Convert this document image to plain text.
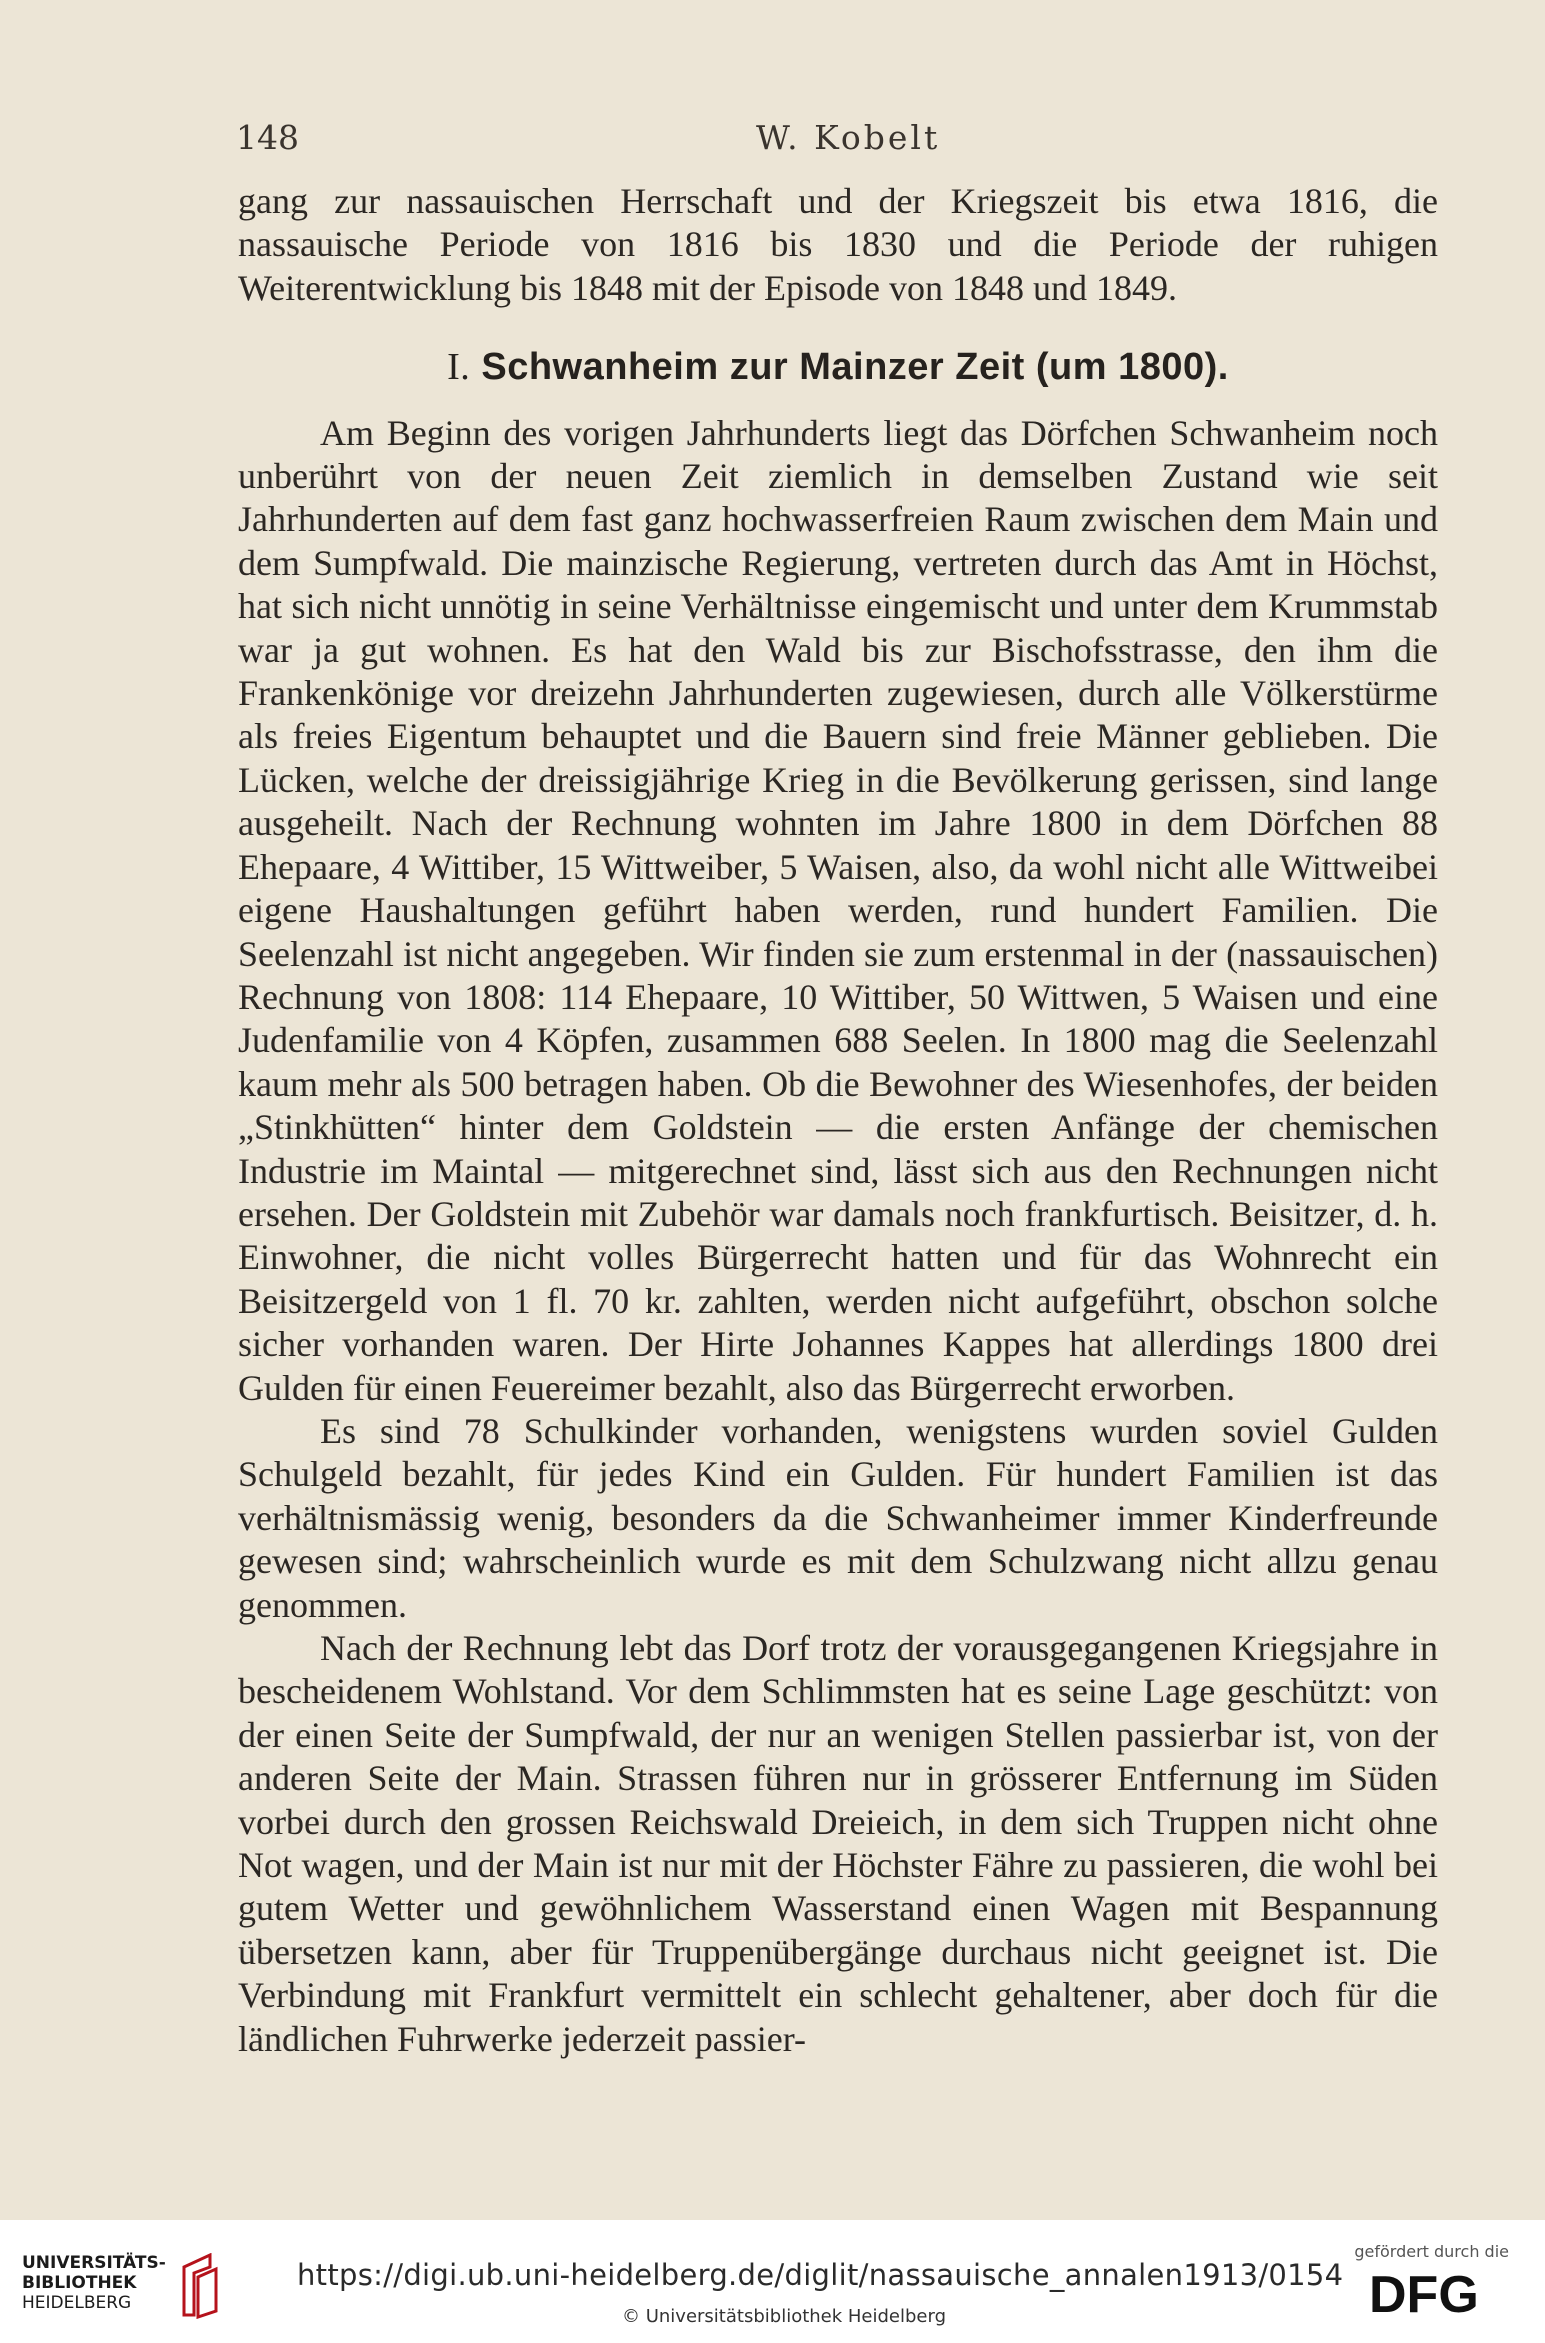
148	W. Kobelt

gang zur nassauischen Herrschaft und der Kriegszeit bis etwa 1816, die nassauische Periode von 1816 bis 1830 und die Periode der ruhigen Weiterentwicklung bis 1848 mit der Episode von 1848 und 1849.

I. Schwanheim zur Mainzer Zeit (um 1800).

Am Beginn des vorigen Jahrhunderts liegt das Dörfchen Schwanheim noch unberührt von der neuen Zeit ziemlich in demselben Zustand wie seit Jahrhunderten auf dem fast ganz hochwasserfreien Raum zwischen dem Main und dem Sumpfwald. Die mainzische Regierung, vertreten durch das Amt in Höchst, hat sich nicht unnötig in seine Verhältnisse eingemischt und unter dem Krummstab war ja gut wohnen. Es hat den Wald bis zur Bischofsstrasse, den ihm die Frankenkönige vor dreizehn Jahrhunderten zugewiesen, durch alle Völkerstürme als freies Eigentum behauptet und die Bauern sind freie Männer geblieben. Die Lücken, welche der dreissigjährige Krieg in die Bevölkerung gerissen, sind lange ausgeheilt. Nach der Rechnung wohnten im Jahre 1800 in dem Dörfchen 88 Ehepaare, 4 Wittiber, 15 Wittweiber, 5 Waisen, also, da wohl nicht alle Wittweibei eigene Haushaltungen geführt haben werden, rund hundert Familien. Die Seelenzahl ist nicht angegeben. Wir finden sie zum erstenmal in der (nassauischen) Rechnung von 1808: 114 Ehepaare, 10 Wittiber, 50 Wittwen, 5 Waisen und eine Judenfamilie von 4 Köpfen, zusammen 688 Seelen. In 1800 mag die Seelenzahl kaum mehr als 500 betragen haben. Ob die Bewohner des Wiesenhofes, der beiden „Stinkhütten“ hinter dem Goldstein — die ersten Anfänge der chemischen Industrie im Maintal — mitgerechnet sind, lässt sich aus den Rechnungen nicht ersehen. Der Goldstein mit Zubehör war damals noch frankfurtisch. Beisitzer, d. h. Einwohner, die nicht volles Bürgerrecht hatten und für das Wohnrecht ein Beisitzergeld von 1 fl. 70 kr. zahlten, werden nicht aufgeführt, obschon solche sicher vorhanden waren. Der Hirte Johannes Kappes hat allerdings 1800 drei Gulden für einen Feuereimer bezahlt, also das Bürgerrecht erworben.

Es sind 78 Schulkinder vorhanden, wenigstens wurden soviel Gulden Schulgeld bezahlt, für jedes Kind ein Gulden. Für hundert Familien ist das verhältnismässig wenig, besonders da die Schwanheimer immer Kinderfreunde gewesen sind; wahrscheinlich wurde es mit dem Schulzwang nicht allzu genau genommen.

Nach der Rechnung lebt das Dorf trotz der vorausgegangenen Kriegsjahre in bescheidenem Wohlstand. Vor dem Schlimmsten hat es seine Lage geschützt: von der einen Seite der Sumpfwald, der nur an wenigen Stellen passierbar ist, von der anderen Seite der Main. Strassen führen nur in grösserer Entfernung im Süden vorbei durch den grossen Reichswald Dreieich, in dem sich Truppen nicht ohne Not wagen, und der Main ist nur mit der Höchster Fähre zu passieren, die wohl bei gutem Wetter und gewöhnlichem Wasserstand einen Wagen mit Bespannung übersetzen kann, aber für Truppenübergänge durchaus nicht geeignet ist. Die Verbindung mit Frankfurt vermittelt ein schlecht gehaltener, aber doch für die ländlichen Fuhrwerke jederzeit passier-

UNIVERSITÄTS-
BIBLIOTHEK
HEIDELBERG
https://digi.ub.uni-heidelberg.de/diglit/nassauische_annalen1913/0154
© Universitätsbibliothek Heidelberg
gefördert durch die
DFG
